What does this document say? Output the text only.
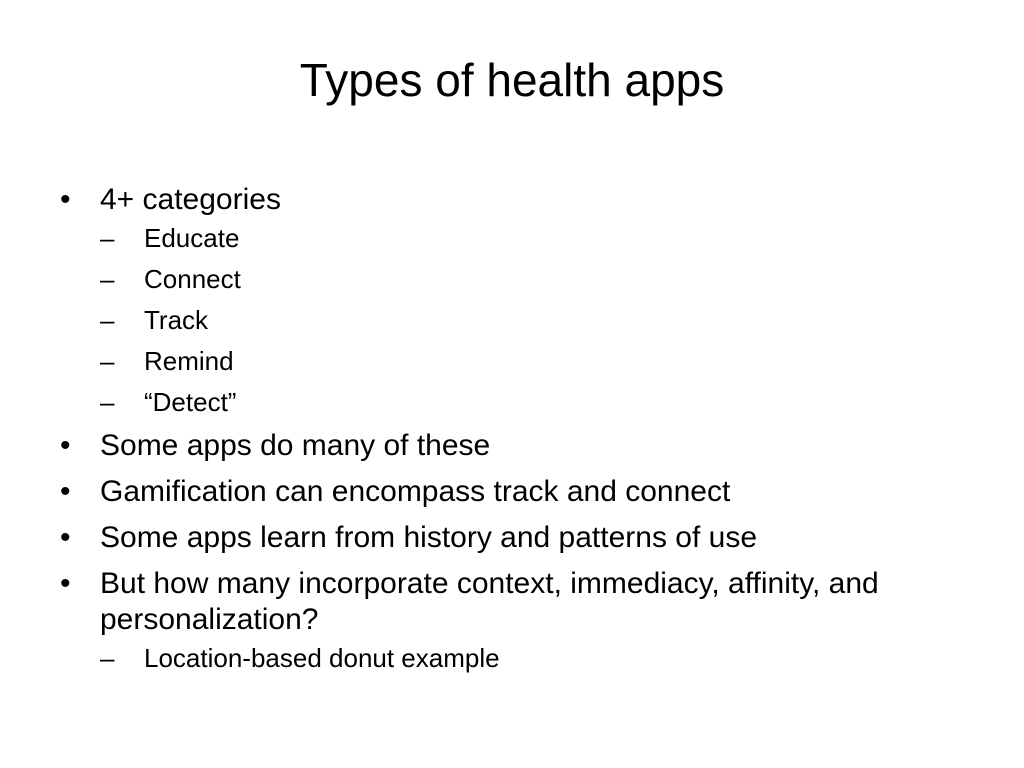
Types of health apps
• 4+ categories
–	Educate
–	Connect
–	Track
–	Remind
–	“Detect”
• Some apps do many of these
• Gamification can encompass track and connect
• Some apps learn from history and patterns of use
• But how many incorporate context, immediacy, affinity, and personalization?
–	Location-based donut example
